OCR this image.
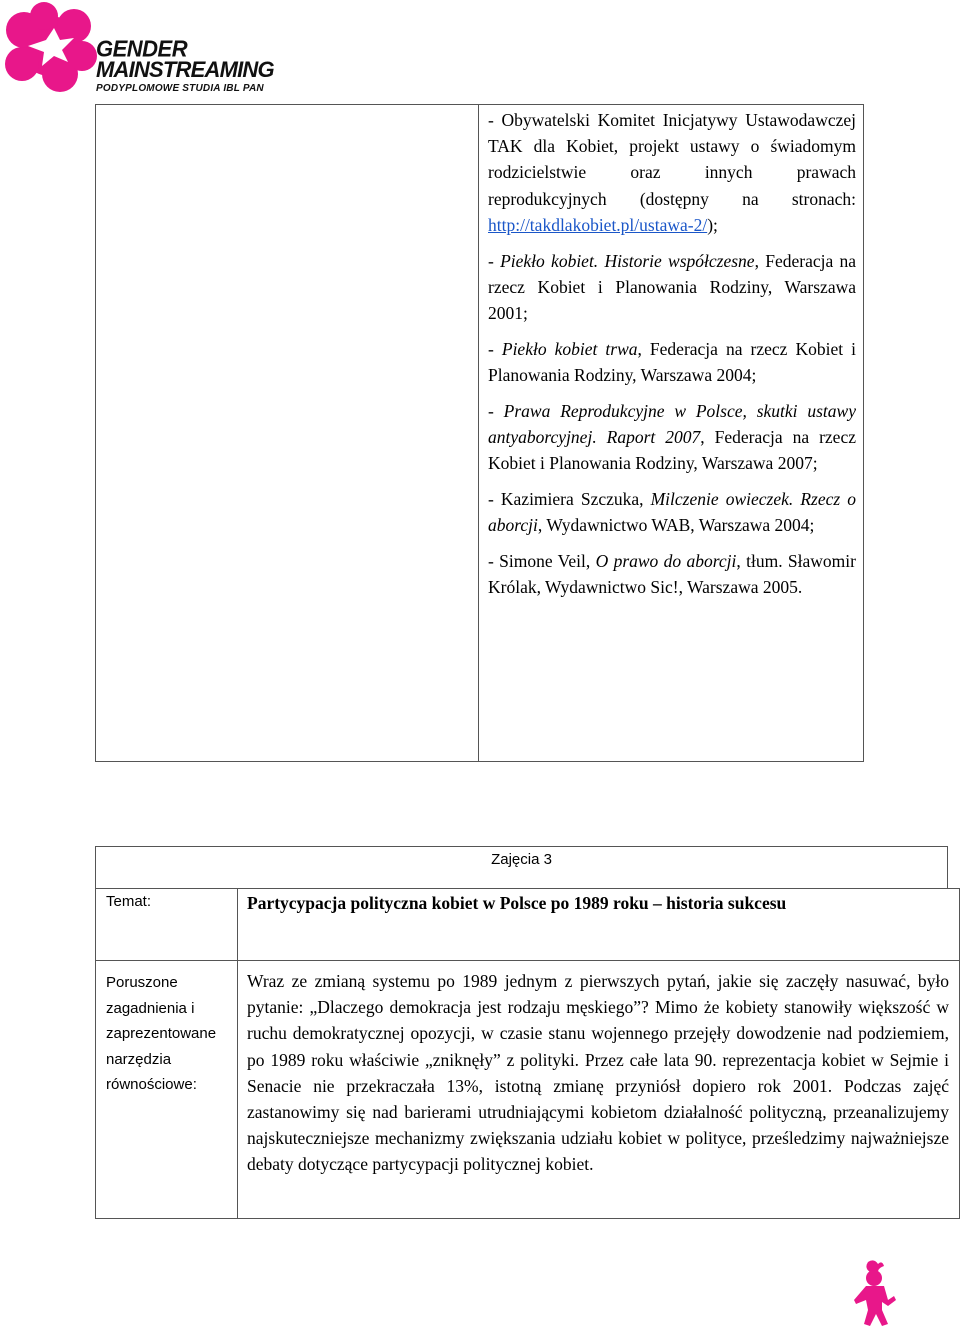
GENDER
MAINSTREAMING
PODYPLOMOWE STUDIA IBL PAN

- Obywatelski Komitet Inicjatywy Ustawodawczej TAK dla Kobiet, projekt ustawy o świadomym rodzicielstwie oraz innych prawach reprodukcyjnych (dostępny na stronach: http://takdlakobiet.pl/ustawa-2/);

- Piekło kobiet. Historie współczesne, Federacja na rzecz Kobiet i Planowania Rodziny, Warszawa 2001;

- Piekło kobiet trwa, Federacja na rzecz Kobiet i Planowania Rodziny, Warszawa 2004;

- Prawa Reprodukcyjne w Polsce, skutki ustawy antyaborcyjnej. Raport 2007, Federacja na rzecz Kobiet i Planowania Rodziny, Warszawa 2007;

- Kazimiera Szczuka, Milczenie owieczek. Rzecz o aborcji, Wydawnictwo WAB, Warszawa 2004;

- Simone Veil, O prawo do aborcji, tłum. Sławomir Królak, Wydawnictwo Sic!, Warszawa 2005.

Zajęcia 3
Temat:	Partycypacja polityczna kobiet w Polsce po 1989 roku – historia sukcesu
Poruszone zagadnienia i zaprezentowane narzędzia równościowe:
Wraz ze zmianą systemu po 1989 jednym z pierwszych pytań, jakie się zaczęły nasuwać, było pytanie: „Dlaczego demokracja jest rodzaju męskiego”? Mimo że kobiety stanowiły większość w ruchu demokratycznej opozycji, w czasie stanu wojennego przejęły dowodzenie nad podziemiem, po 1989 roku właściwie „zniknęły” z polityki. Przez całe lata 90. reprezentacja kobiet w Sejmie i Senacie nie przekraczała 13%, istotną zmianę przyniósł dopiero rok 2001. Podczas zajęć zastanowimy się nad barierami utrudniającymi kobietom działalność polityczną, przeanalizujemy najskuteczniejsze mechanizmy zwiększania udziału kobiet w polityce, prześledzimy najważniejsze debaty dotyczące partycypacji politycznej kobiet.
